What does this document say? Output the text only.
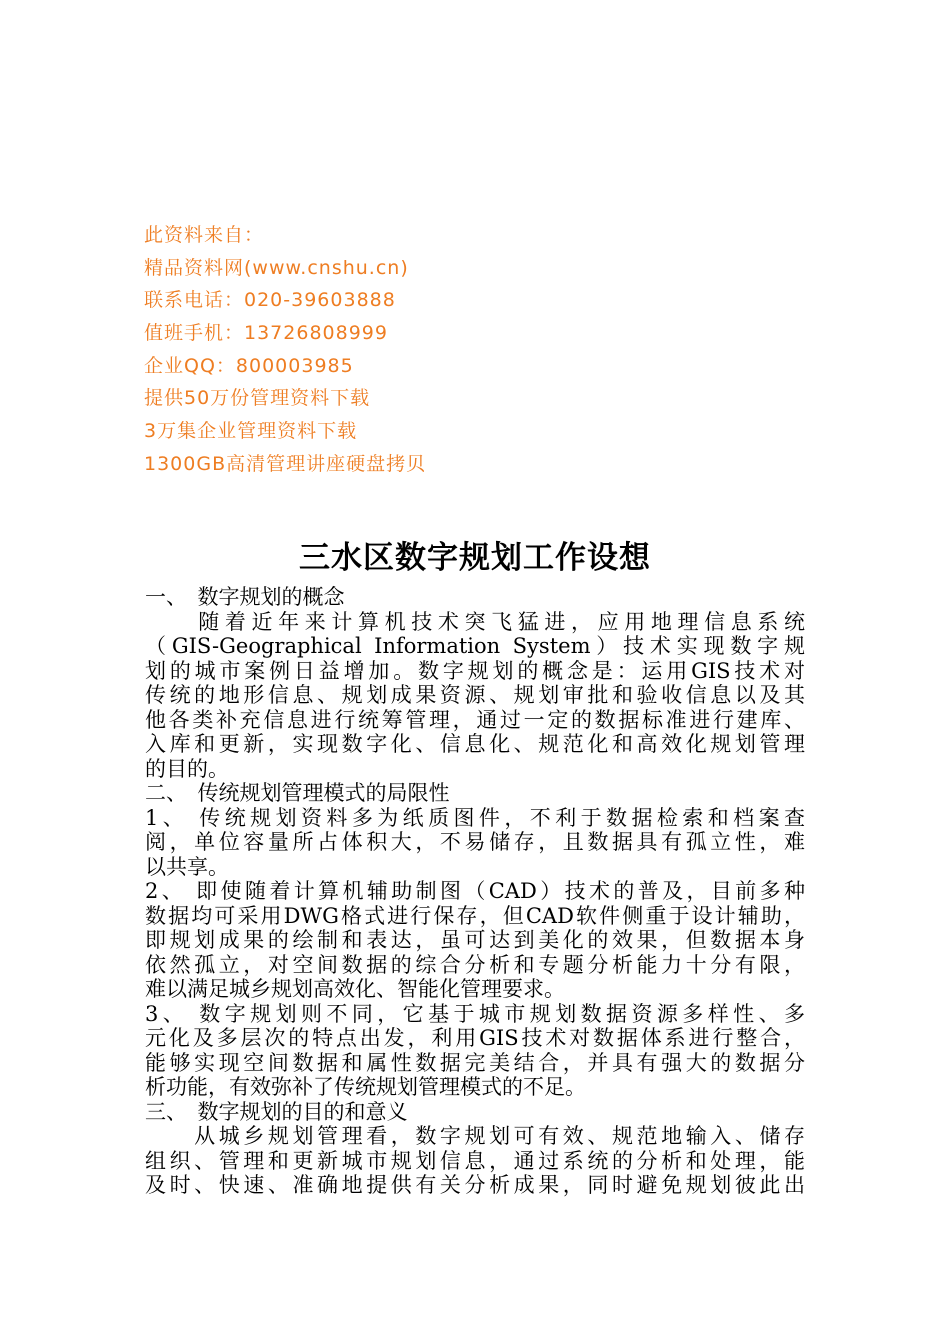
此资料来自：
精品资料网(www.cnshu.cn)
联系电话：020-39603888
值班手机：13726808999
企业QQ：800003985
提供50万份管理资料下载
3万集企业管理资料下载
1300GB高清管理讲座硬盘拷贝
三水区数字规划工作设想
一、　数字规划的概念
　　随着近年来计算机技术突飞猛进，应用地理信息系统
（GIS-Geographical Information System）技术实现数字规
划的城市案例日益增加。数字规划的概念是：运用GIS技术对
传统的地形信息、规划成果资源、规划审批和验收信息以及其
他各类补充信息进行统筹管理，通过一定的数据标准进行建库、
入库和更新，实现数字化、信息化、规范化和高效化规划管理
的目的。
二、　传统规划管理模式的局限性
1、 传统规划资料多为纸质图件，不利于数据检索和档案查
阅，单位容量所占体积大，不易储存，且数据具有孤立性，难
以共享。
2、 即使随着计算机辅助制图（CAD）技术的普及，目前多种
数据均可采用DWG格式进行保存，但CAD软件侧重于设计辅助，
即规划成果的绘制和表达，虽可达到美化的效果，但数据本身
依然孤立，对空间数据的综合分析和专题分析能力十分有限，
难以满足城乡规划高效化、智能化管理要求。
3、 数字规划则不同，它基于城市规划数据资源多样性、多
元化及多层次的特点出发，利用GIS技术对数据体系进行整合，
能够实现空间数据和属性数据完美结合，并具有强大的数据分
析功能，有效弥补了传统规划管理模式的不足。
三、　数字规划的目的和意义
　　从城乡规划管理看，数字规划可有效、规范地输入、储存
组织、管理和更新城市规划信息，通过系统的分析和处理，能
及时、快速、准确地提供有关分析成果，同时避免规划彼此出
